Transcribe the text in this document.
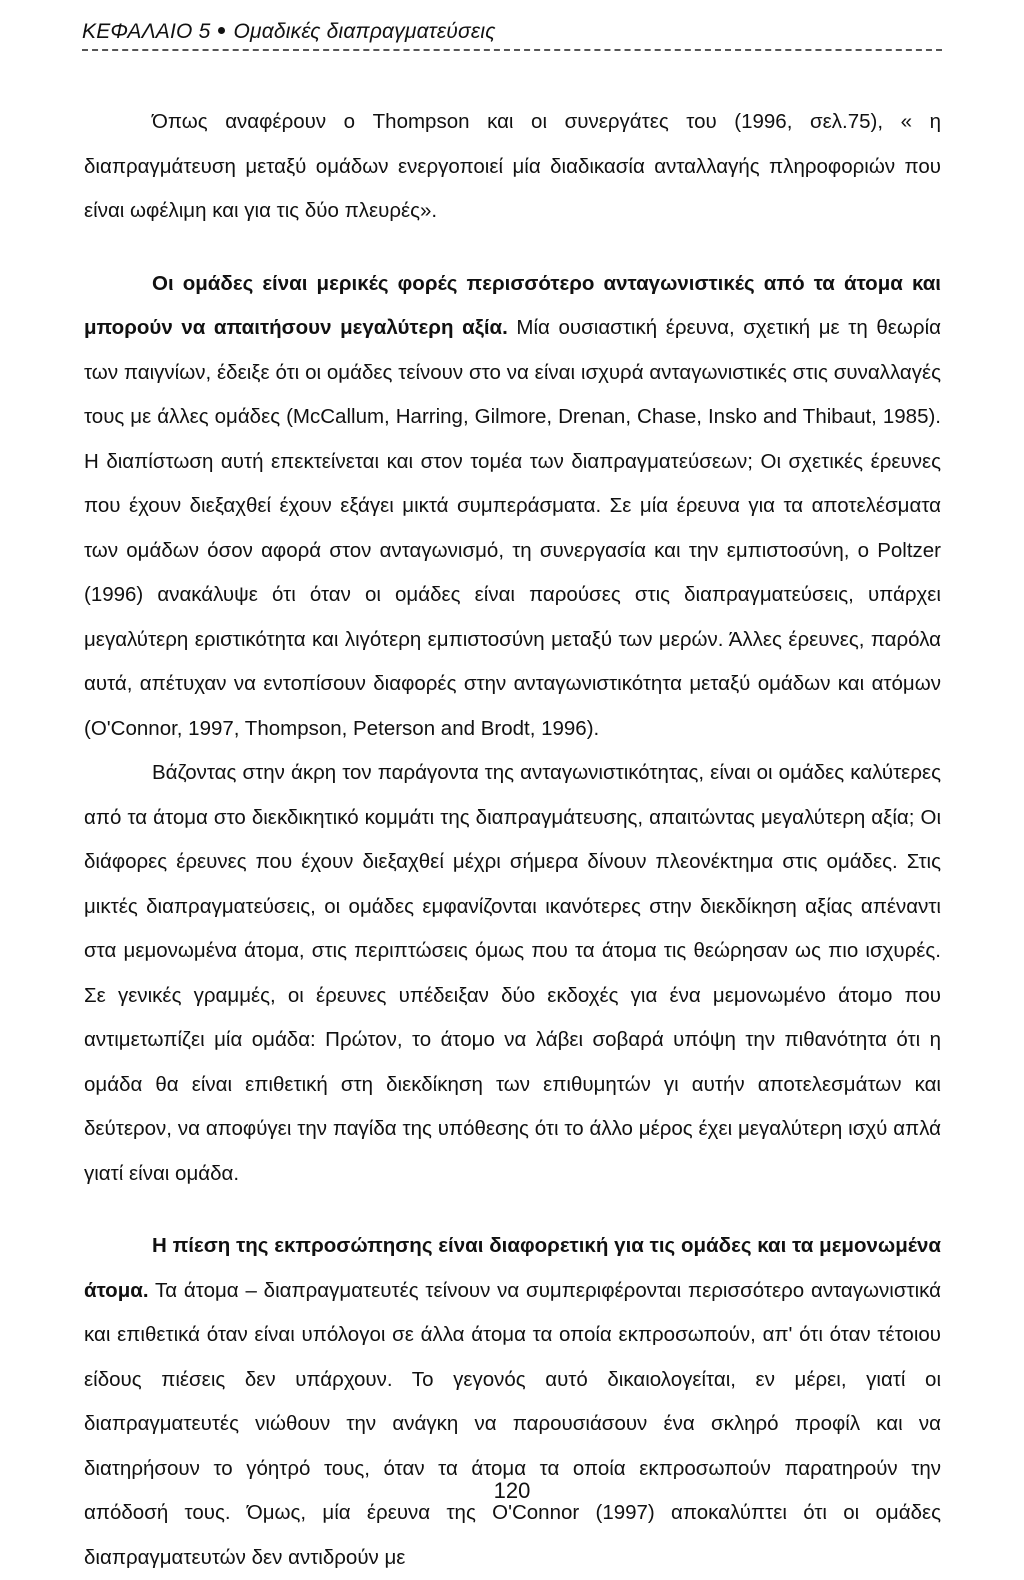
ΚΕΦΑΛΑΙΟ 5 Ομαδικές διαπραγματεύσεις

Όπως αναφέρουν ο Thompson και οι συνεργάτες του (1996, σελ.75), « η διαπραγμάτευση μεταξύ ομάδων ενεργοποιεί μία διαδικασία ανταλλαγής πληροφοριών που είναι ωφέλιμη και για τις δύο πλευρές».

Οι ομάδες είναι μερικές φορές περισσότερο ανταγωνιστικές από τα άτομα και μπορούν να απαιτήσουν μεγαλύτερη αξία. Μία ουσιαστική έρευνα, σχετική με τη θεωρία των παιγνίων, έδειξε ότι οι ομάδες τείνουν στο να είναι ισχυρά ανταγωνιστικές στις συναλλαγές τους με άλλες ομάδες (McCallum, Harring, Gilmore, Drenan, Chase, Insko and Thibaut, 1985). Η διαπίστωση αυτή επεκτείνεται και στον τομέα των διαπραγματεύσεων; Οι σχετικές έρευνες που έχουν διεξαχθεί έχουν εξάγει μικτά συμπεράσματα. Σε μία έρευνα για τα αποτελέσματα των ομάδων όσον αφορά στον ανταγωνισμό, τη συνεργασία και την εμπιστοσύνη, ο Poltzer (1996) ανακάλυψε ότι όταν οι ομάδες είναι παρούσες στις διαπραγματεύσεις, υπάρχει μεγαλύτερη εριστικότητα και λιγότερη εμπιστοσύνη μεταξύ των μερών. Άλλες έρευνες, παρόλα αυτά, απέτυχαν να εντοπίσουν διαφορές στην ανταγωνιστικότητα μεταξύ ομάδων και ατόμων (O'Connor, 1997, Thompson, Peterson and Brodt, 1996).

Βάζοντας στην άκρη τον παράγοντα της ανταγωνιστικότητας, είναι οι ομάδες καλύτερες από τα άτομα στο διεκδικητικό κομμάτι της διαπραγμάτευσης, απαιτώντας μεγαλύτερη αξία; Οι διάφορες έρευνες που έχουν διεξαχθεί μέχρι σήμερα δίνουν πλεονέκτημα στις ομάδες. Στις μικτές διαπραγματεύσεις, οι ομάδες εμφανίζονται ικανότερες στην διεκδίκηση αξίας απέναντι στα μεμονωμένα άτομα, στις περιπτώσεις όμως που τα άτομα τις θεώρησαν ως πιο ισχυρές. Σε γενικές γραμμές, οι έρευνες υπέδειξαν δύο εκδοχές για ένα μεμονωμένο άτομο που αντιμετωπίζει μία ομάδα: Πρώτον, το άτομο να λάβει σοβαρά υπόψη την πιθανότητα ότι η ομάδα θα είναι επιθετική στη διεκδίκηση των επιθυμητών γι αυτήν αποτελεσμάτων και δεύτερον, να αποφύγει την παγίδα της υπόθεσης ότι το άλλο μέρος έχει μεγαλύτερη ισχύ απλά γιατί είναι ομάδα.

Η πίεση της εκπροσώπησης είναι διαφορετική για τις ομάδες και τα μεμονωμένα άτομα. Τα άτομα – διαπραγματευτές τείνουν να συμπεριφέρονται περισσότερο ανταγωνιστικά και επιθετικά όταν είναι υπόλογοι σε άλλα άτομα τα οποία εκπροσωπούν, απ' ότι όταν τέτοιου είδους πιέσεις δεν υπάρχουν. Το γεγονός αυτό δικαιολογείται, εν μέρει, γιατί οι διαπραγματευτές νιώθουν την ανάγκη να παρουσιάσουν ένα σκληρό προφίλ και να διατηρήσουν το γόητρό τους, όταν τα άτομα τα οποία εκπροσωπούν παρατηρούν την απόδοσή τους. Όμως, μία έρευνα της O'Connor (1997) αποκαλύπτει ότι οι ομάδες διαπραγματευτών δεν αντιδρούν με

120
